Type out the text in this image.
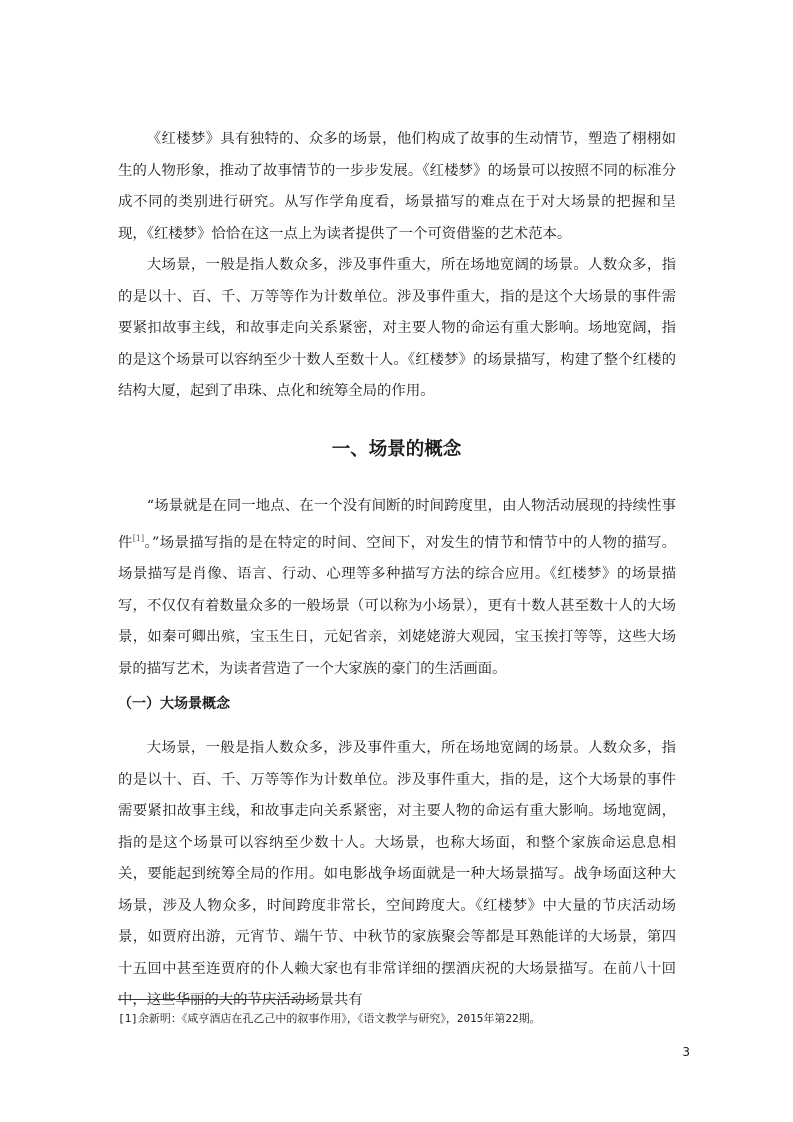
《红楼梦》具有独特的、众多的场景，他们构成了故事的生动情节，塑造了栩栩如生的人物形象，推动了故事情节的一步步发展。《红楼梦》的场景可以按照不同的标准分成不同的类别进行研究。从写作学角度看，场景描写的难点在于对大场景的把握和呈现，《红楼梦》恰恰在这一点上为读者提供了一个可资借鉴的艺术范本。

大场景，一般是指人数众多，涉及事件重大，所在场地宽阔的场景。人数众多，指的是以十、百、千、万等等作为计数单位。涉及事件重大，指的是这个大场景的事件需要紧扣故事主线，和故事走向关系紧密，对主要人物的命运有重大影响。场地宽阔，指的是这个场景可以容纳至少十数人至数十人。《红楼梦》的场景描写，构建了整个红楼的结构大厦，起到了串珠、点化和统筹全局的作用。

一、场景的概念

“场景就是在同一地点、在一个没有间断的时间跨度里，由人物活动展现的持续性事件[1]。”场景描写指的是在特定的时间、空间下，对发生的情节和情节中的人物的描写。场景描写是肖像、语言、行动、心理等多种描写方法的综合应用。《红楼梦》的场景描写，不仅仅有着数量众多的一般场景（可以称为小场景），更有十数人甚至数十人的大场景，如秦可卿出殡，宝玉生日，元妃省亲，刘姥姥游大观园，宝玉挨打等等，这些大场景的描写艺术，为读者营造了一个大家族的豪门的生活画面。

（一）大场景概念

大场景，一般是指人数众多，涉及事件重大，所在场地宽阔的场景。人数众多，指的是以十、百、千、万等等作为计数单位。涉及事件重大，指的是，这个大场景的事件需要紧扣故事主线，和故事走向关系紧密，对主要人物的命运有重大影响。场地宽阔，指的是这个场景可以容纳至少数十人。大场景，也称大场面，和整个家族命运息息相关，要能起到统筹全局的作用。如电影战争场面就是一种大场景描写。战争场面这种大场景，涉及人物众多，时间跨度非常长，空间跨度大。《红楼梦》中大量的节庆活动场景，如贾府出游，元宵节、端午节、中秋节的家族聚会等都是耳熟能详的大场景，第四十五回中甚至连贾府的仆人赖大家也有非常详细的摆酒庆祝的大场景描写。在前八十回中，这些华丽的大的节庆活动场景共有

[1]余新明：《咸亨酒店在孔乙己中的叙事作用》，《语文教学与研究》，2015年第22期。

3
